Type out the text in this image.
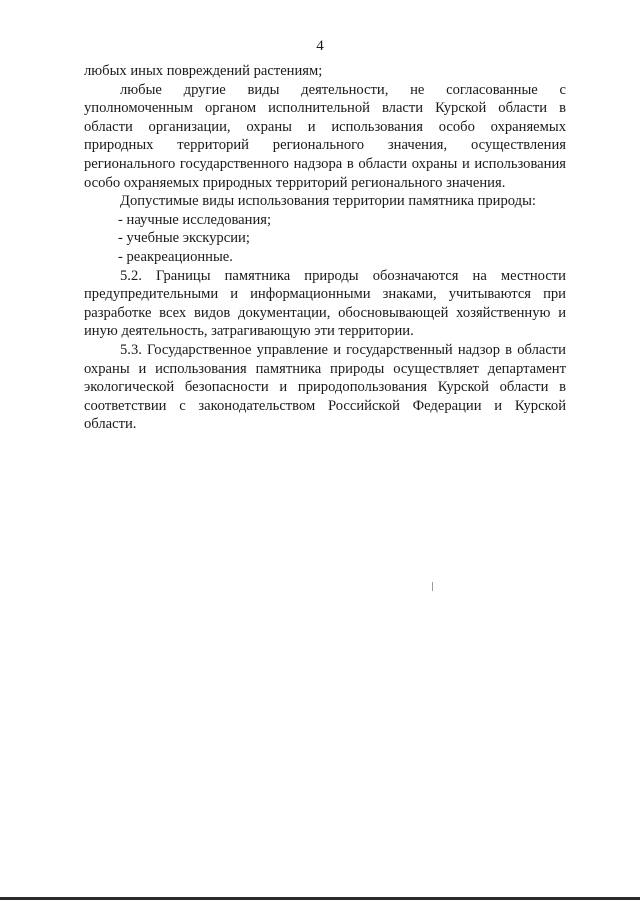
4

любых иных повреждений растениям;

любые другие виды деятельности, не согласованные с уполномоченным органом исполнительной власти Курской области в области организации, охраны и использования особо охраняемых природных территорий регионального значения, осуществления регионального государственного надзора в области охраны и использования особо охраняемых природных территорий регионального значения.

Допустимые виды использования территории памятника природы:

- научные исследования;

- учебные экскурсии;

- реакреационные.

5.2. Границы памятника природы обозначаются на местности предупредительными и информационными знаками, учитываются при разработке всех видов документации, обосновывающей хозяйственную и иную деятельность, затрагивающую эти территории.

5.3. Государственное управление и государственный надзор в области охраны и использования памятника природы осуществляет департамент экологической безопасности и природопользования Курской области в соответствии с законодательством Российской Федерации и Курской области.
